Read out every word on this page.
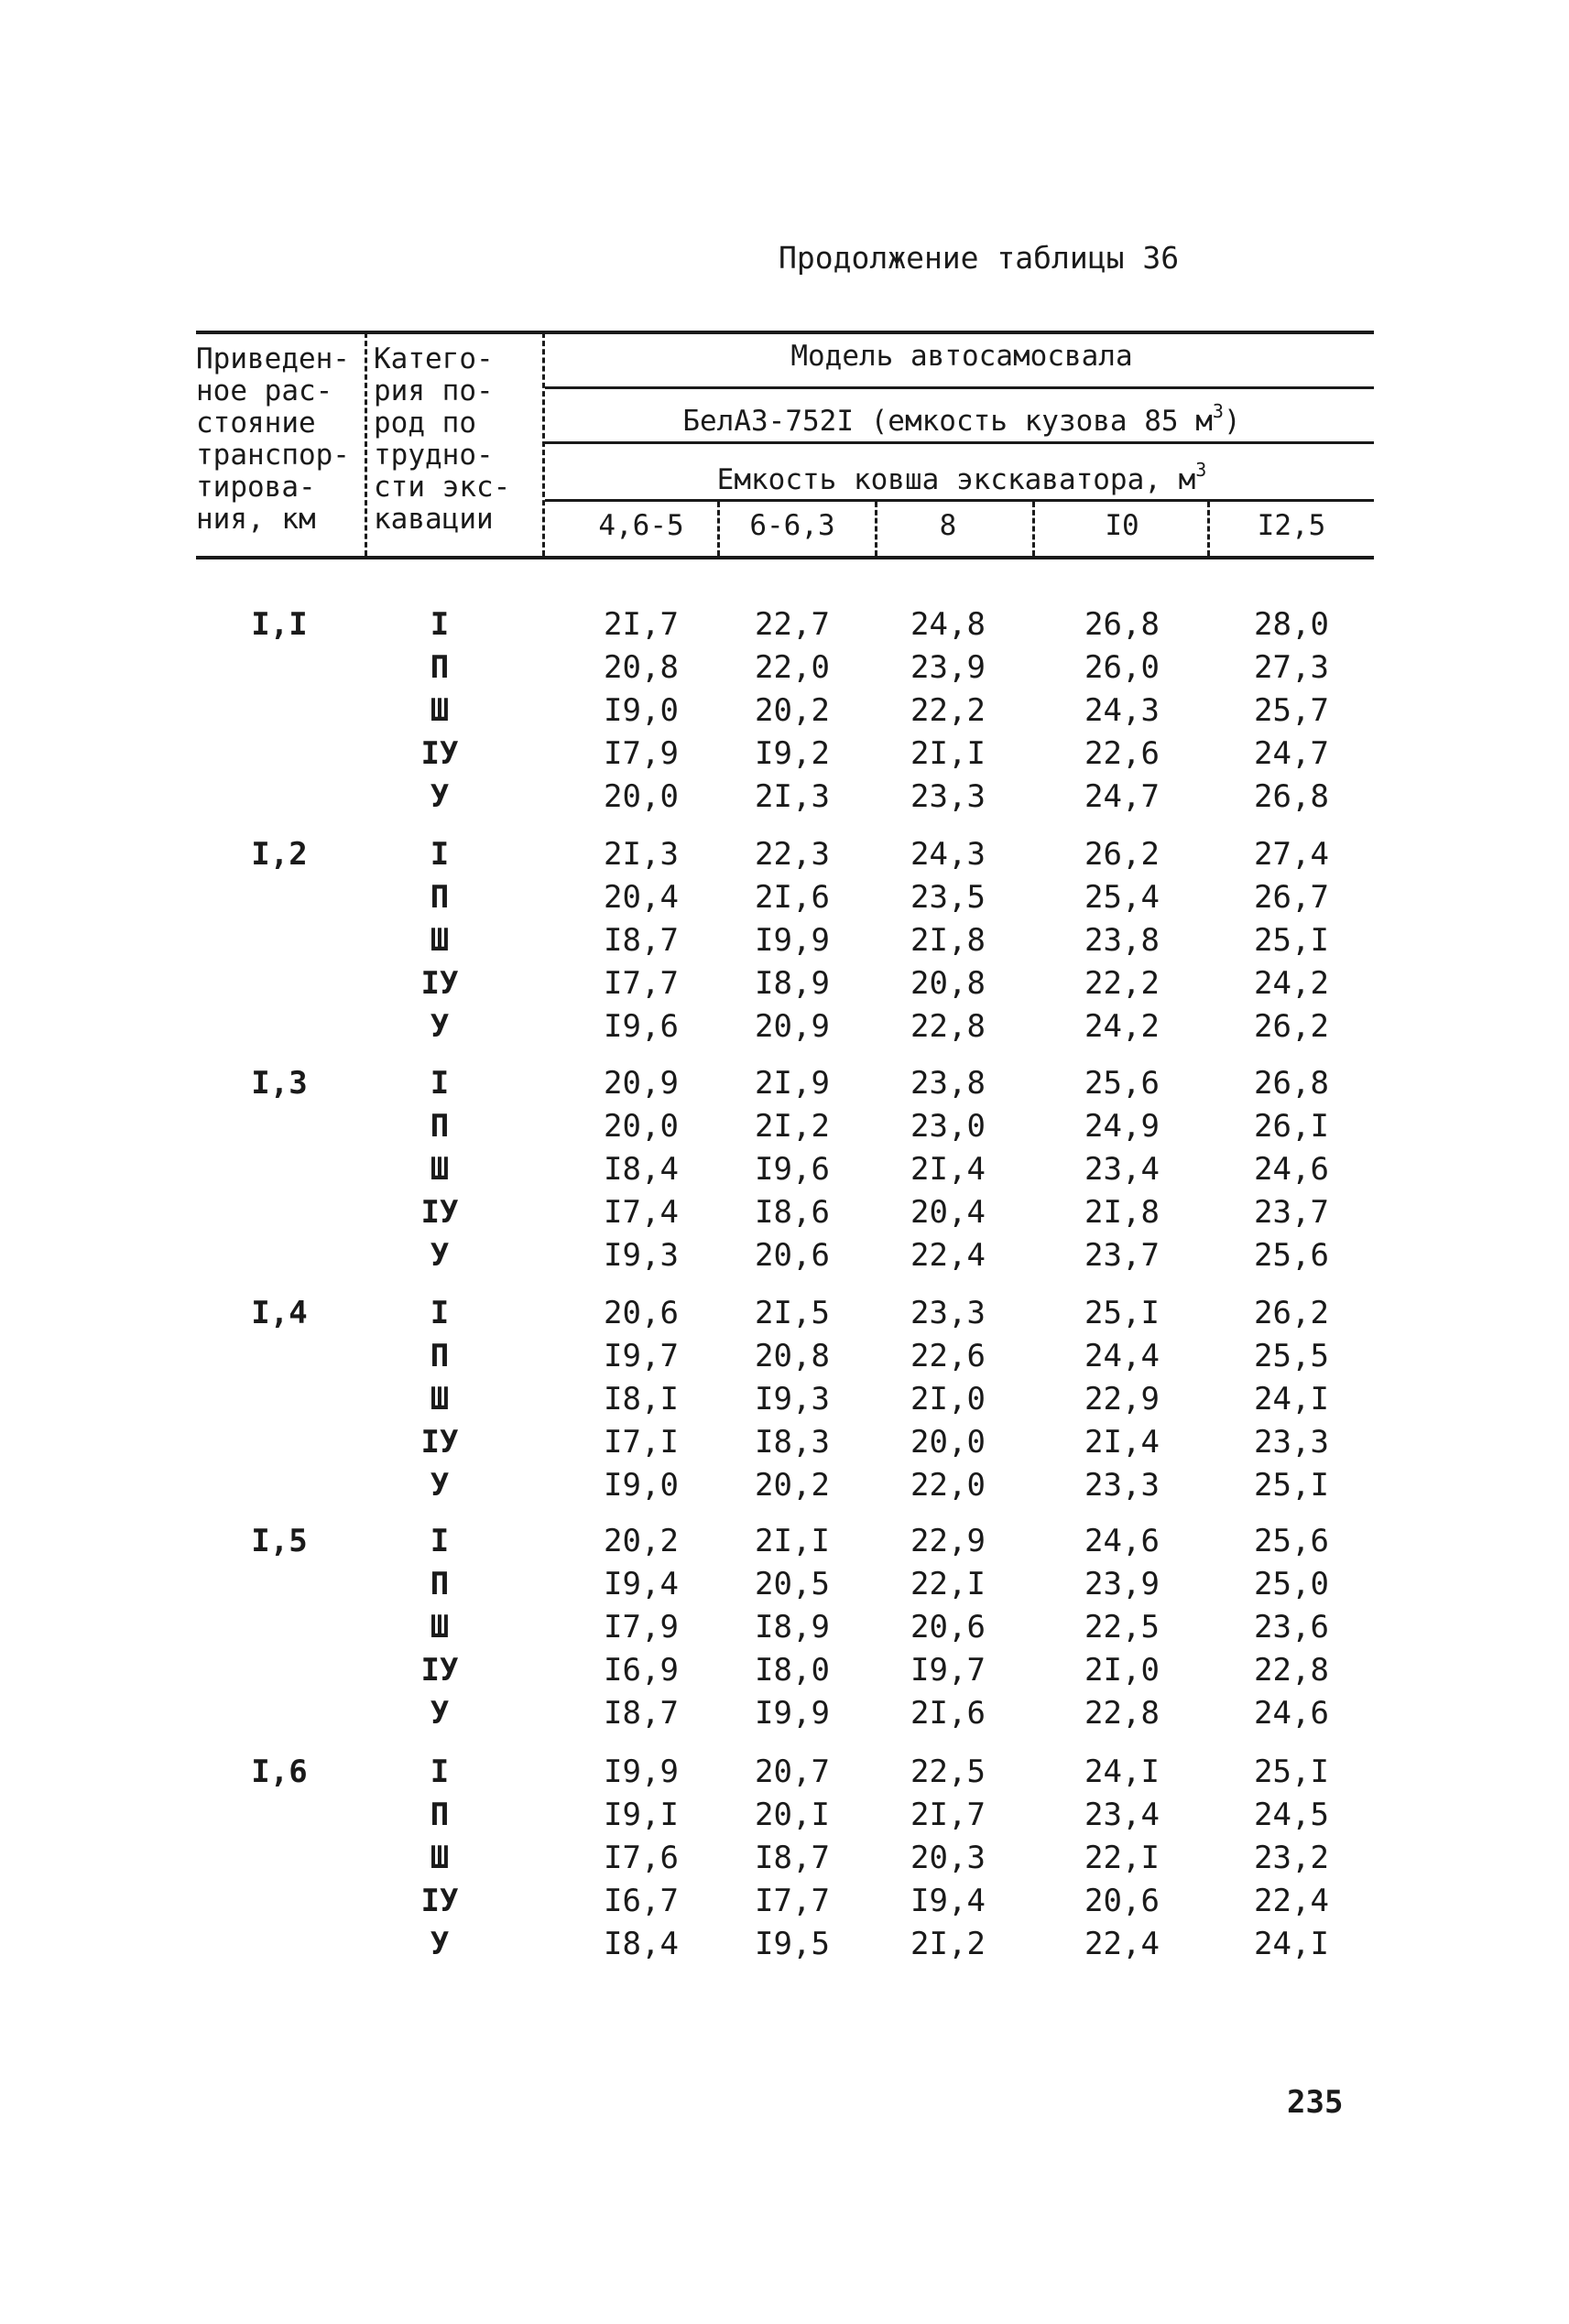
Продолжение таблицы 36
Приведен-
ное рас-
стояние
транспор-
тирова-
ния, км
Катего-
рия по-
род по
трудно-
сти экс-
кавации
Модель автосамосвала
БелАЗ-752I (емкость кузова 85 $м^3$)
Емкость ковша экскаватора, $м^3$
4,6-5	6-6,3	8	I0	I2,5
I,I	I	2I,7	22,7	24,8	26,8	28,0
П	20,8	22,0	23,9	26,0	27,3
Ш	I9,0	20,2	22,2	24,3	25,7
IУ	I7,9	I9,2	2I,I	22,6	24,7
У	20,0	2I,3	23,3	24,7	26,8
I,2	I	2I,3	22,3	24,3	26,2	27,4
П	20,4	2I,6	23,5	25,4	26,7
Ш	I8,7	I9,9	2I,8	23,8	25,I
IУ	I7,7	I8,9	20,8	22,2	24,2
У	I9,6	20,9	22,8	24,2	26,2
I,3	I	20,9	2I,9	23,8	25,6	26,8
П	20,0	2I,2	23,0	24,9	26,I
Ш	I8,4	I9,6	2I,4	23,4	24,6
IУ	I7,4	I8,6	20,4	2I,8	23,7
У	I9,3	20,6	22,4	23,7	25,6
I,4	I	20,6	2I,5	23,3	25,I	26,2
П	I9,7	20,8	22,6	24,4	25,5
Ш	I8,I	I9,3	2I,0	22,9	24,I
IУ	I7,I	I8,3	20,0	2I,4	23,3
У	I9,0	20,2	22,0	23,3	25,I
I,5	I	20,2	2I,I	22,9	24,6	25,6
П	I9,4	20,5	22,I	23,9	25,0
Ш	I7,9	I8,9	20,6	22,5	23,6
IУ	I6,9	I8,0	I9,7	2I,0	22,8
У	I8,7	I9,9	2I,6	22,8	24,6
I,6	I	I9,9	20,7	22,5	24,I	25,I
П	I9,I	20,I	2I,7	23,4	24,5
Ш	I7,6	I8,7	20,3	22,I	23,2
IУ	I6,7	I7,7	I9,4	20,6	22,4
У	I8,4	I9,5	2I,2	22,4	24,I
235
